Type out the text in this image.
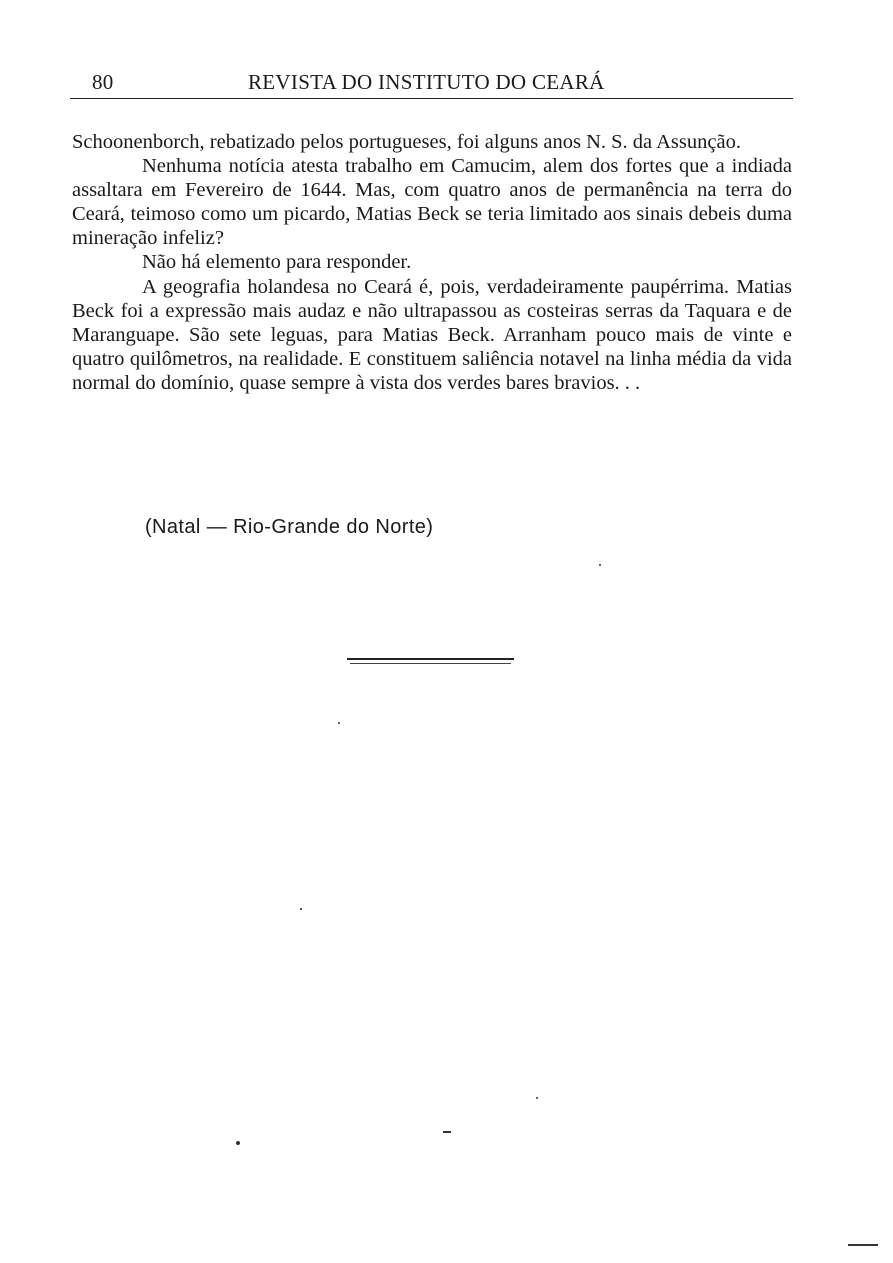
80	REVISTA DO INSTITUTO DO CEARÁ

Schoonenborch, rebatizado pelos portugueses, foi alguns anos N. S. da Assunção.

Nenhuma notícia atesta trabalho em Camucim, alem dos fortes que a indiada assaltara em Fevereiro de 1644. Mas, com quatro anos de permanência na terra do Ceará, teimoso como um picardo, Matias Beck se teria limitado aos sinais debeis duma mineração infeliz?

Não há elemento para responder.

A geografia holandesa no Ceará é, pois, verdadeiramente paupérrima. Matias Beck foi a expressão mais audaz e não ultrapassou as costeiras serras da Taquara e de Maranguape. São sete leguas, para Matias Beck. Arranham pouco mais de vinte e quatro quilômetros, na realidade. E constituem saliência notavel na linha média da vida normal do domínio, quase sempre à vista dos verdes bares bravios. . .

(Natal — Rio-Grande do Norte)
